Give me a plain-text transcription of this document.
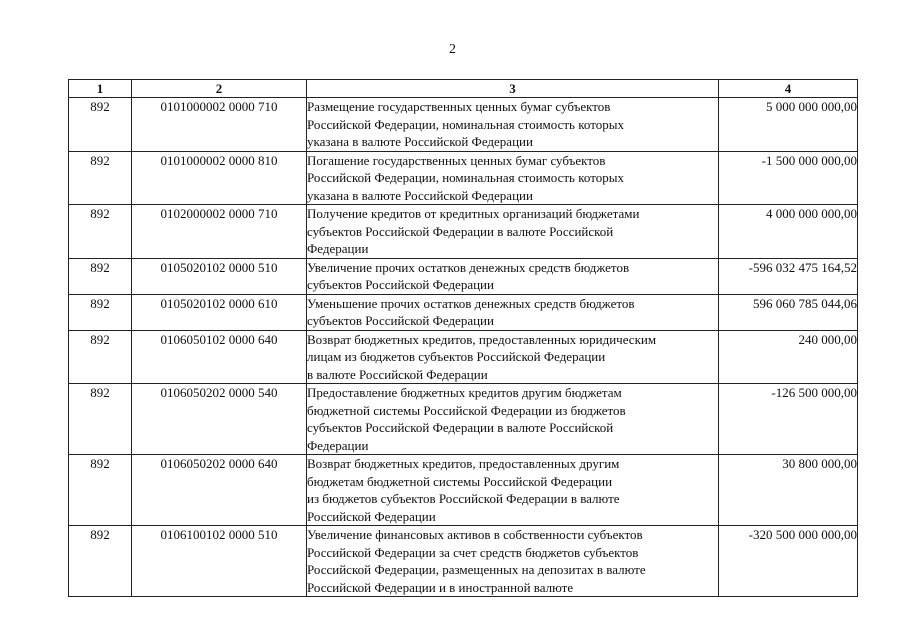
2
1	2	3	4
892	0101000002 0000 710	Размещение государственных ценных бумаг субъектов
Российской Федерации, номинальная стоимость которых
указана в валюте Российской Федерации	5 000 000 000,00
892	0101000002 0000 810	Погашение государственных ценных бумаг субъектов
Российской Федерации, номинальная стоимость которых
указана в валюте Российской Федерации	-1 500 000 000,00
892	0102000002 0000 710	Получение кредитов от кредитных организаций бюджетами
субъектов Российской Федерации в валюте Российской
Федерации	4 000 000 000,00
892	0105020102 0000 510	Увеличение прочих остатков денежных средств бюджетов
субъектов Российской Федерации	-596 032 475 164,52
892	0105020102 0000 610	Уменьшение прочих остатков денежных средств бюджетов
субъектов Российской Федерации	596 060 785 044,06
892	0106050102 0000 640	Возврат бюджетных кредитов, предоставленных юридическим
лицам из бюджетов субъектов Российской Федерации
в валюте Российской Федерации	240 000,00
892	0106050202 0000 540	Предоставление бюджетных кредитов другим бюджетам
бюджетной системы Российской Федерации из бюджетов
субъектов Российской Федерации в валюте Российской
Федерации	-126 500 000,00
892	0106050202 0000 640	Возврат бюджетных кредитов, предоставленных другим
бюджетам бюджетной системы Российской Федерации
из бюджетов субъектов Российской Федерации в валюте
Российской Федерации	30 800 000,00
892	0106100102 0000 510	Увеличение финансовых активов в собственности субъектов
Российской Федерации за счет средств бюджетов субъектов
Российской Федерации, размещенных на депозитах в валюте
Российской Федерации и в иностранной валюте	-320 500 000 000,00
